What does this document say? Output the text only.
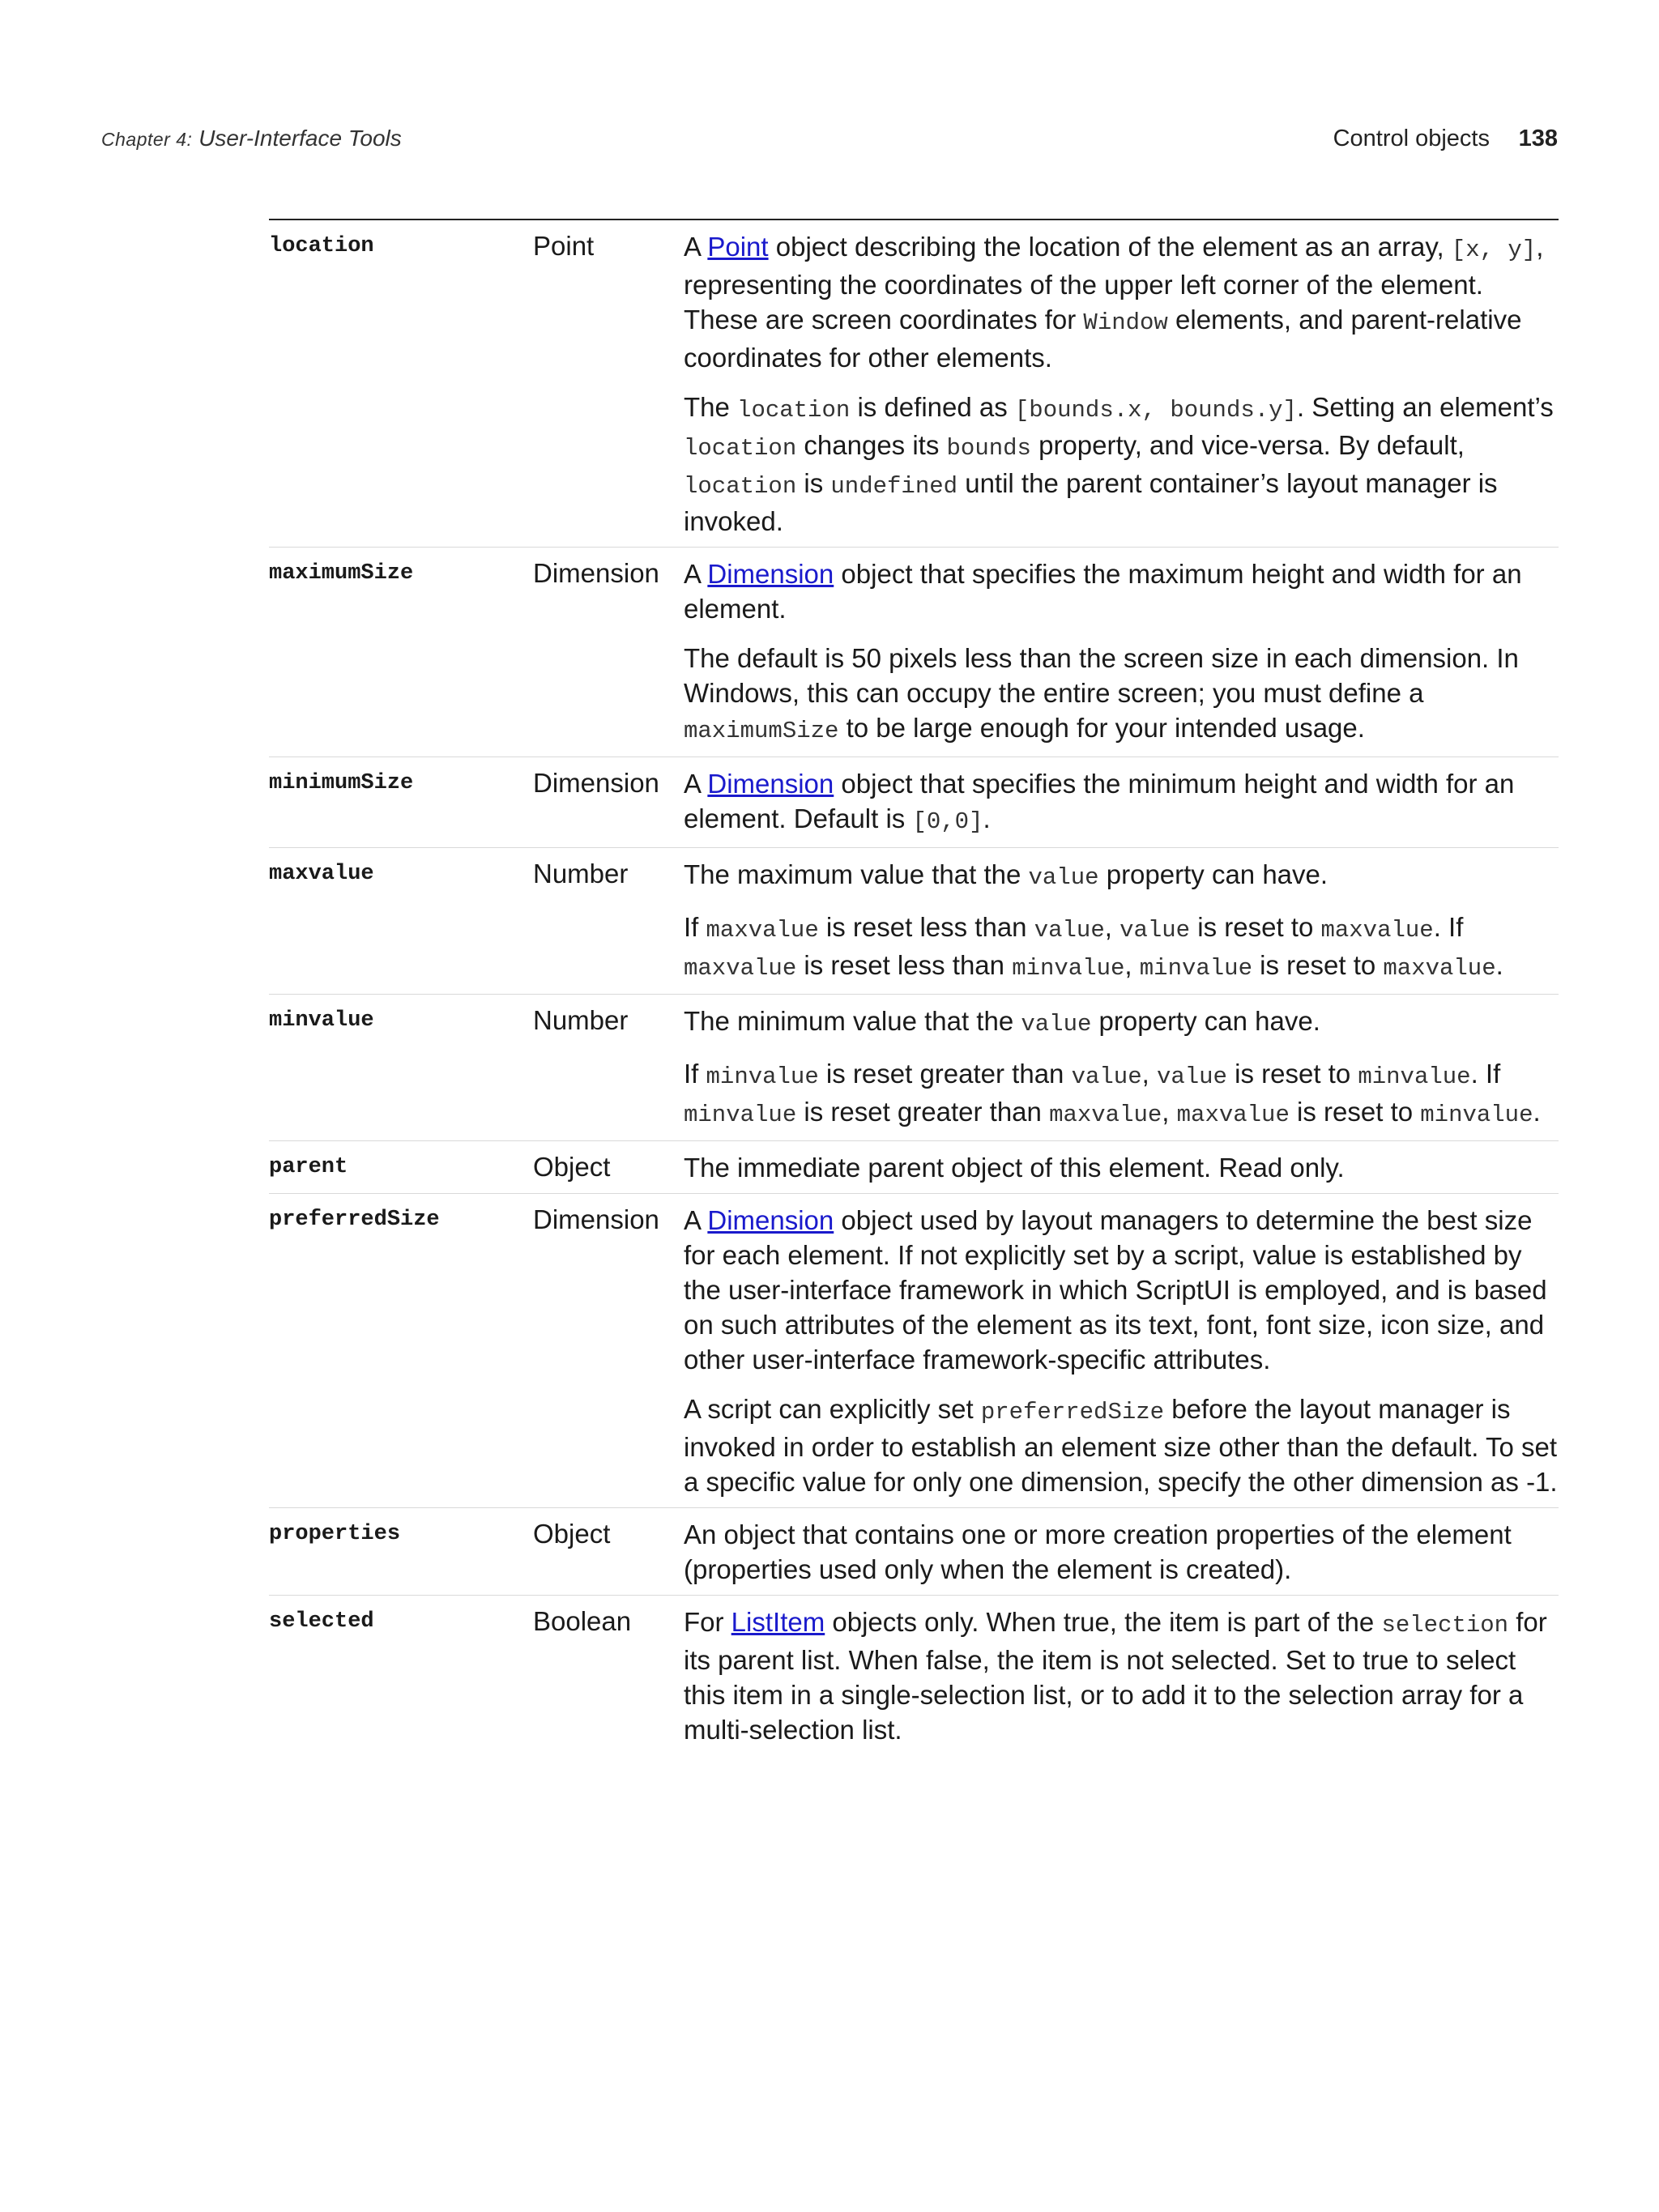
Chapter 4: User-Interface Tools	Control objects 138
location	Point	A Point object describing the location of the element as an array, [x, y], representing the coordinates of the upper left corner of the element. These are screen coordinates for Window elements, and parent-relative coordinates for other elements.

The location is defined as [bounds.x, bounds.y]. Setting an element’s location changes its bounds property, and vice-versa. By default, location is undefined until the parent container’s layout manager is invoked.

maximumSize	Dimension	A Dimension object that specifies the maximum height and width for an element.

The default is 50 pixels less than the screen size in each dimension. In Windows, this can occupy the entire screen; you must define a maximumSize to be large enough for your intended usage.

minimumSize	Dimension	A Dimension object that specifies the minimum height and width for an element. Default is [0,0].

maxvalue	Number	The maximum value that the value property can have.

If maxvalue is reset less than value, value is reset to maxvalue. If maxvalue is reset less than minvalue, minvalue is reset to maxvalue.

minvalue	Number	The minimum value that the value property can have.

If minvalue is reset greater than value, value is reset to minvalue. If minvalue is reset greater than maxvalue, maxvalue is reset to minvalue.

parent	Object	The immediate parent object of this element. Read only.

preferredSize	Dimension	A Dimension object used by layout managers to determine the best size for each element. If not explicitly set by a script, value is established by the user-interface framework in which ScriptUI is employed, and is based on such attributes of the element as its text, font, font size, icon size, and other user-interface framework-specific attributes.

A script can explicitly set preferredSize before the layout manager is invoked in order to establish an element size other than the default. To set a specific value for only one dimension, specify the other dimension as -1.

properties	Object	An object that contains one or more creation properties of the element (properties used only when the element is created).

selected	Boolean	For ListItem objects only. When true, the item is part of the selection for its parent list. When false, the item is not selected. Set to true to select this item in a single-selection list, or to add it to the selection array for a multi-selection list.
